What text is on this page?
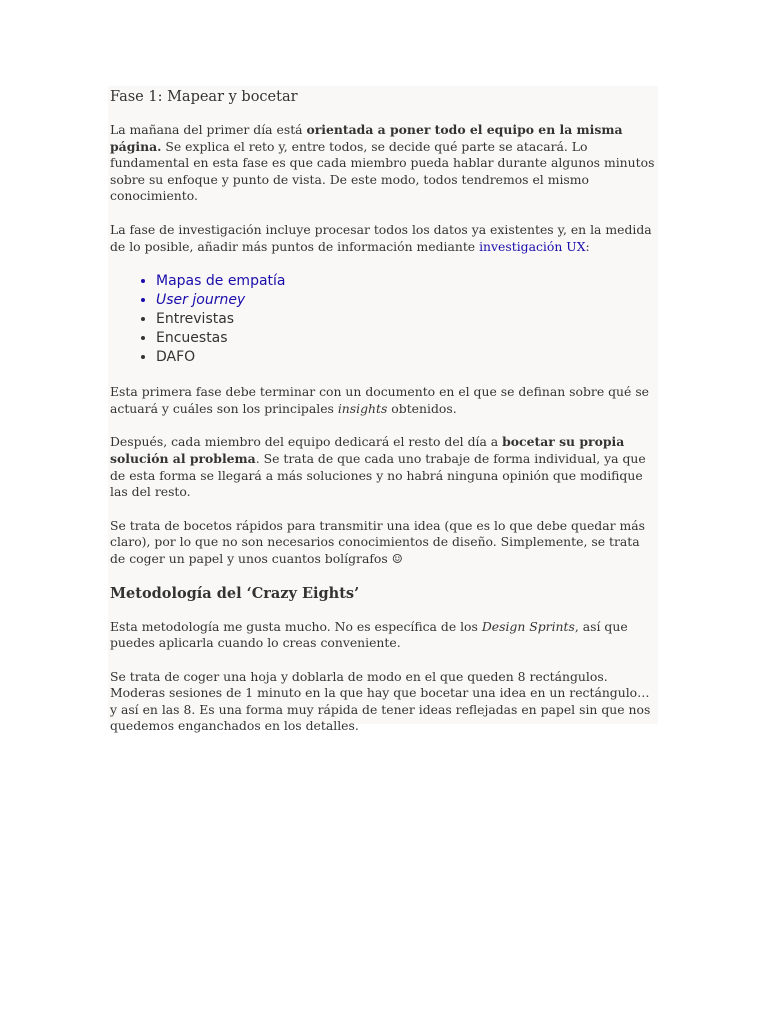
Fase 1: Mapear y bocetar

La mañana del primer día está orientada a poner todo el equipo en la misma página. Se explica el reto y, entre todos, se decide qué parte se atacará. Lo fundamental en esta fase es que cada miembro pueda hablar durante algunos minutos sobre su enfoque y punto de vista. De este modo, todos tendremos el mismo conocimiento.

La fase de investigación incluye procesar todos los datos ya existentes y, en la medida de lo posible, añadir más puntos de información mediante investigación UX:

• Mapas de empatía
• User journey
• Entrevistas
• Encuestas
• DAFO

Esta primera fase debe terminar con un documento en el que se definan sobre qué se actuará y cuáles son los principales insights obtenidos.

Después, cada miembro del equipo dedicará el resto del día a bocetar su propia solución al problema. Se trata de que cada uno trabaje de forma individual, ya que de esta forma se llegará a más soluciones y no habrá ninguna opinión que modifique las del resto.

Se trata de bocetos rápidos para transmitir una idea (que es lo que debe quedar más claro), por lo que no son necesarios conocimientos de diseño. Simplemente, se trata de coger un papel y unos cuantos bolígrafos ☺

Metodología del ‘Crazy Eights’

Esta metodología me gusta mucho. No es específica de los Design Sprints, así que puedes aplicarla cuando lo creas conveniente.

Se trata de coger una hoja y doblarla de modo en el que queden 8 rectángulos. Moderas sesiones de 1 minuto en la que hay que bocetar una idea en un rectángulo… y así en las 8. Es una forma muy rápida de tener ideas reflejadas en papel sin que nos quedemos enganchados en los detalles.
